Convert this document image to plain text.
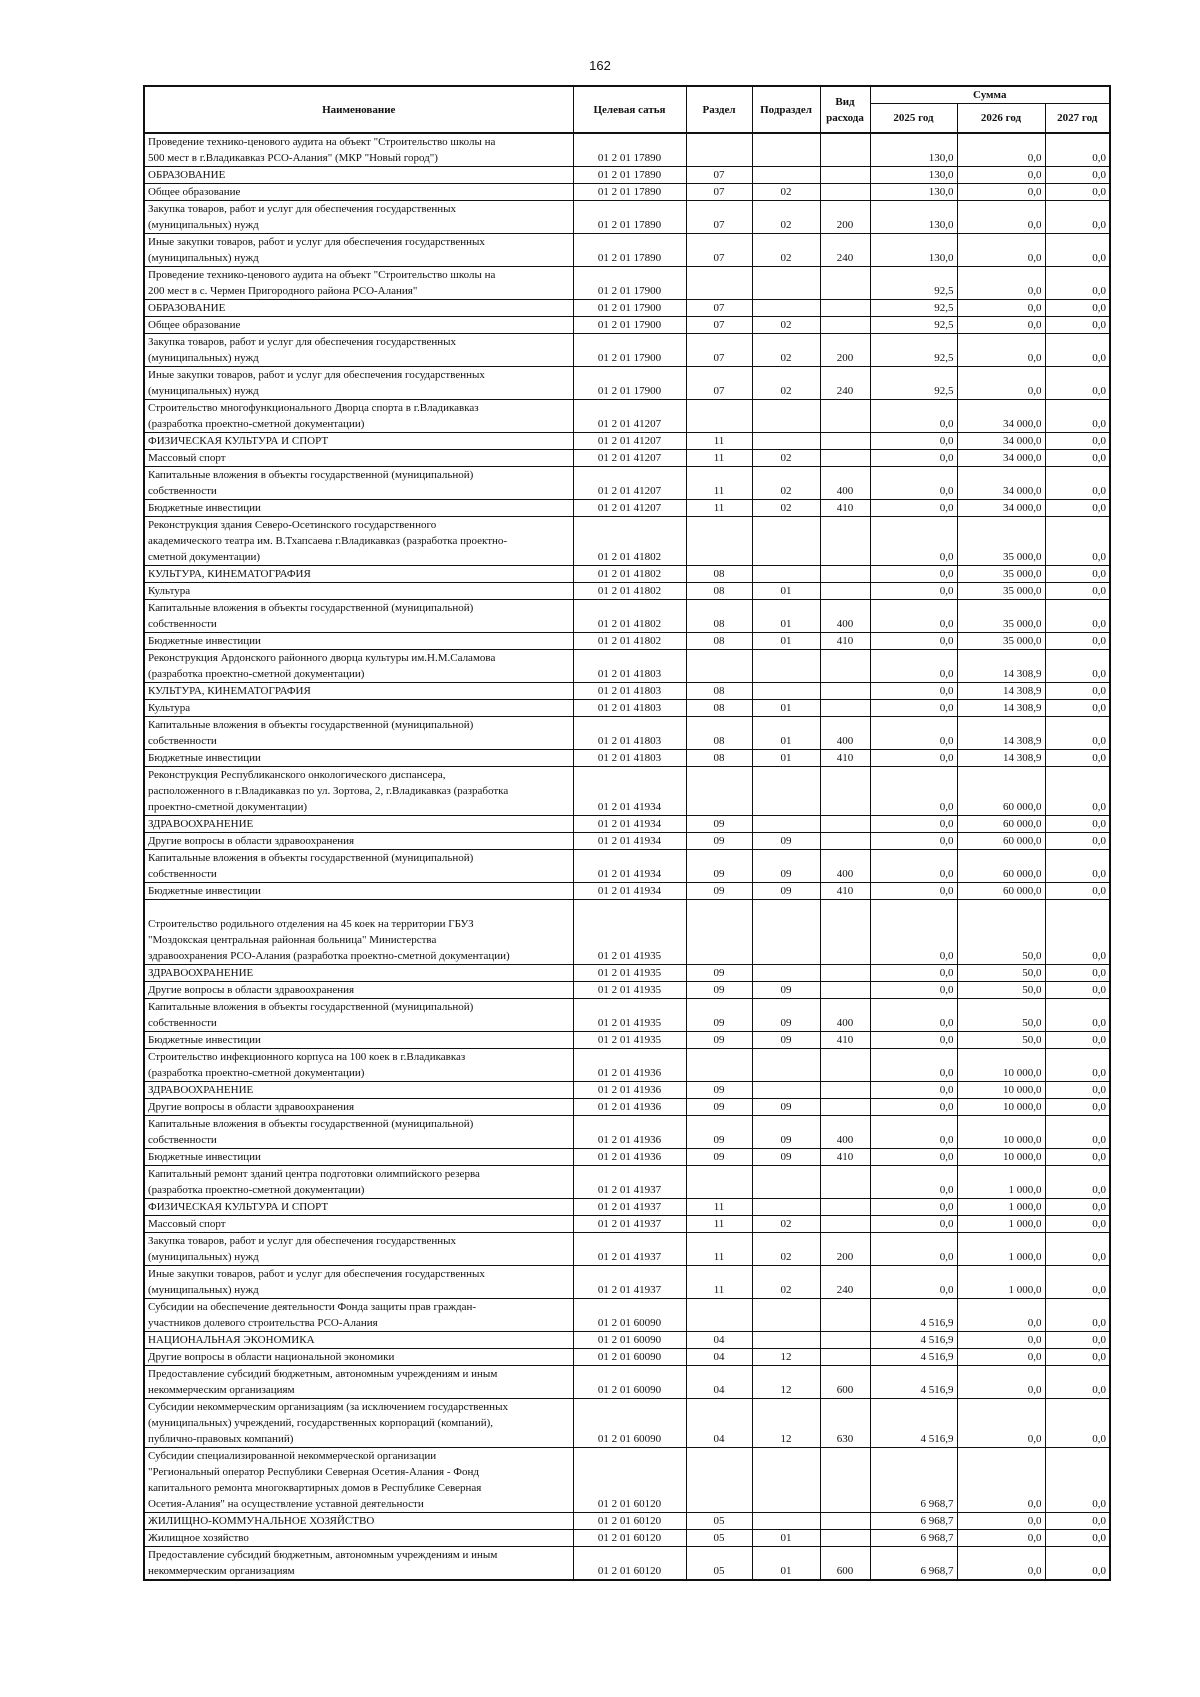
162
Наименование	Целевая сатья	Раздел	Подраздел	Вид расхода	Сумма		
					2025 год	2026 год	2027 год
Проведение технико-ценового аудита на объект "Строительство школы на
500 мест в г.Владикавказ РСО-Алания" (МКР "Новый город")	01 2 01 17890				130,0	0,0	0,0
ОБРАЗОВАНИЕ	01 2 01 17890	07			130,0	0,0	0,0
Общее образование	01 2 01 17890	07	02		130,0	0,0	0,0
Закупка товаров, работ и услуг для обеспечения государственных
(муниципальных) нужд	01 2 01 17890	07	02	200	130,0	0,0	0,0
Иные закупки товаров, работ и услуг для обеспечения государственных
(муниципальных) нужд	01 2 01 17890	07	02	240	130,0	0,0	0,0
Проведение технико-ценового аудита на объект "Строительство школы на
200 мест в с. Чермен Пригородного района РСО-Алания"	01 2 01 17900				92,5	0,0	0,0
ОБРАЗОВАНИЕ	01 2 01 17900	07			92,5	0,0	0,0
Общее образование	01 2 01 17900	07	02		92,5	0,0	0,0
Закупка товаров, работ и услуг для обеспечения государственных
(муниципальных) нужд	01 2 01 17900	07	02	200	92,5	0,0	0,0
Иные закупки товаров, работ и услуг для обеспечения государственных
(муниципальных) нужд	01 2 01 17900	07	02	240	92,5	0,0	0,0
Строительство многофункционального Дворца спорта в г.Владикавказ
(разработка проектно-сметной документации)	01 2 01 41207				0,0	34 000,0	0,0
ФИЗИЧЕСКАЯ КУЛЬТУРА И СПОРТ	01 2 01 41207	11			0,0	34 000,0	0,0
Массовый спорт	01 2 01 41207	11	02		0,0	34 000,0	0,0
Капитальные вложения в объекты государственной (муниципальной)
собственности	01 2 01 41207	11	02	400	0,0	34 000,0	0,0
Бюджетные инвестиции	01 2 01 41207	11	02	410	0,0	34 000,0	0,0
Реконструкция здания Северо-Осетинского государственного
академического театра им. В.Тхапсаева г.Владикавказ (разработка проектно-
сметной документации)	01 2 01 41802				0,0	35 000,0	0,0
КУЛЬТУРА, КИНЕМАТОГРАФИЯ	01 2 01 41802	08			0,0	35 000,0	0,0
Культура	01 2 01 41802	08	01		0,0	35 000,0	0,0
Капитальные вложения в объекты государственной (муниципальной)
собственности	01 2 01 41802	08	01	400	0,0	35 000,0	0,0
Бюджетные инвестиции	01 2 01 41802	08	01	410	0,0	35 000,0	0,0
Реконструкция Ардонского районного дворца культуры им.Н.М.Саламова
(разработка проектно-сметной документации)	01 2 01 41803				0,0	14 308,9	0,0
КУЛЬТУРА, КИНЕМАТОГРАФИЯ	01 2 01 41803	08			0,0	14 308,9	0,0
Культура	01 2 01 41803	08	01		0,0	14 308,9	0,0
Капитальные вложения в объекты государственной (муниципальной)
собственности	01 2 01 41803	08	01	400	0,0	14 308,9	0,0
Бюджетные инвестиции	01 2 01 41803	08	01	410	0,0	14 308,9	0,0
Реконструкция Республиканского онкологического диспансера,
расположенного в г.Владикавказ по ул. Зортова, 2, г.Владикавказ (разработка
проектно-сметной документации)	01 2 01 41934				0,0	60 000,0	0,0
ЗДРАВООХРАНЕНИЕ	01 2 01 41934	09			0,0	60 000,0	0,0
Другие вопросы в области здравоохранения	01 2 01 41934	09	09		0,0	60 000,0	0,0
Капитальные вложения в объекты государственной (муниципальной)
собственности	01 2 01 41934	09	09	400	0,0	60 000,0	0,0
Бюджетные инвестиции	01 2 01 41934	09	09	410	0,0	60 000,0	0,0

Строительство родильного отделения на 45 коек на территории ГБУЗ
"Моздокская центральная районная больница" Министерства
здравоохранения РСО-Алания (разработка проектно-сметной документации)	01 2 01 41935				0,0	50,0	0,0
ЗДРАВООХРАНЕНИЕ	01 2 01 41935	09			0,0	50,0	0,0
Другие вопросы в области здравоохранения	01 2 01 41935	09	09		0,0	50,0	0,0
Капитальные вложения в объекты государственной (муниципальной)
собственности	01 2 01 41935	09	09	400	0,0	50,0	0,0
Бюджетные инвестиции	01 2 01 41935	09	09	410	0,0	50,0	0,0
Строительство инфекционного корпуса на 100 коек в г.Владикавказ
(разработка проектно-сметной документации)	01 2 01 41936				0,0	10 000,0	0,0
ЗДРАВООХРАНЕНИЕ	01 2 01 41936	09			0,0	10 000,0	0,0
Другие вопросы в области здравоохранения	01 2 01 41936	09	09		0,0	10 000,0	0,0
Капитальные вложения в объекты государственной (муниципальной)
собственности	01 2 01 41936	09	09	400	0,0	10 000,0	0,0
Бюджетные инвестиции	01 2 01 41936	09	09	410	0,0	10 000,0	0,0
Капитальный ремонт зданий центра подготовки олимпийского резерва
(разработка проектно-сметной документации)	01 2 01 41937				0,0	1 000,0	0,0
ФИЗИЧЕСКАЯ КУЛЬТУРА И СПОРТ	01 2 01 41937	11			0,0	1 000,0	0,0
Массовый спорт	01 2 01 41937	11	02		0,0	1 000,0	0,0
Закупка товаров, работ и услуг для обеспечения государственных
(муниципальных) нужд	01 2 01 41937	11	02	200	0,0	1 000,0	0,0
Иные закупки товаров, работ и услуг для обеспечения государственных
(муниципальных) нужд	01 2 01 41937	11	02	240	0,0	1 000,0	0,0
Субсидии на обеспечение деятельности Фонда защиты прав граждан-
участников долевого строительства РСО-Алания	01 2 01 60090				4 516,9	0,0	0,0
НАЦИОНАЛЬНАЯ ЭКОНОМИКА	01 2 01 60090	04			4 516,9	0,0	0,0
Другие вопросы в области национальной экономики	01 2 01 60090	04	12		4 516,9	0,0	0,0
Предоставление субсидий бюджетным, автономным учреждениям и иным
некоммерческим организациям	01 2 01 60090	04	12	600	4 516,9	0,0	0,0
Субсидии некоммерческим организациям (за исключением государственных
(муниципальных) учреждений, государственных корпораций (компаний),
публично-правовых компаний)	01 2 01 60090	04	12	630	4 516,9	0,0	0,0
Субсидии специализированной некоммерческой организации
"Региональный оператор Республики Северная Осетия-Алания - Фонд
капитального ремонта многоквартирных домов в Республике Северная
Осетия-Алания" на осуществление уставной деятельности	01 2 01 60120				6 968,7	0,0	0,0
ЖИЛИЩНО-КОММУНАЛЬНОЕ ХОЗЯЙСТВО	01 2 01 60120	05			6 968,7	0,0	0,0
Жилищное хозяйство	01 2 01 60120	05	01		6 968,7	0,0	0,0
Предоставление субсидий бюджетным, автономным учреждениям и иным
некоммерческим организациям	01 2 01 60120	05	01	600	6 968,7	0,0	0,0
